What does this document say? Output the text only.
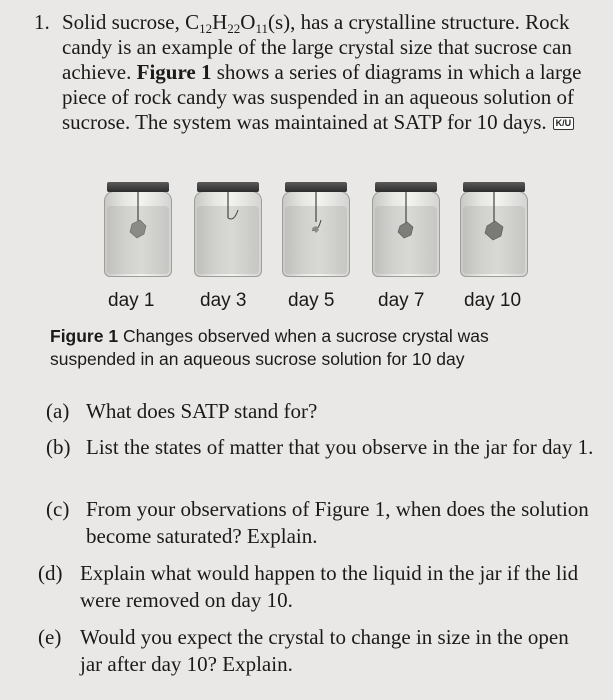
1. Solid sucrose, $C_{12}H_{22}O_{11}(s)$, has a crystalline structure. Rock candy is an example of the large crystal size that sucrose can achieve. Figure 1 shows a series of diagrams in which a large piece of rock candy was suspended in an aqueous solution of sucrose. The system was maintained at SATP for 10 days. K/U

day 1 day 3 day 5 day 7 day 10
Figure 1 Changes observed when a sucrose crystal was suspended in an aqueous sucrose solution for 10 day
(a) What does SATP stand for?
(b) List the states of matter that you observe in the jar for day 1.
(c) From your observations of Figure 1, when does the solution become saturated? Explain.
(d) Explain what would happen to the liquid in the jar if the lid were removed on day 10.
(e) Would you expect the crystal to change in size in the open jar after day 10? Explain.
